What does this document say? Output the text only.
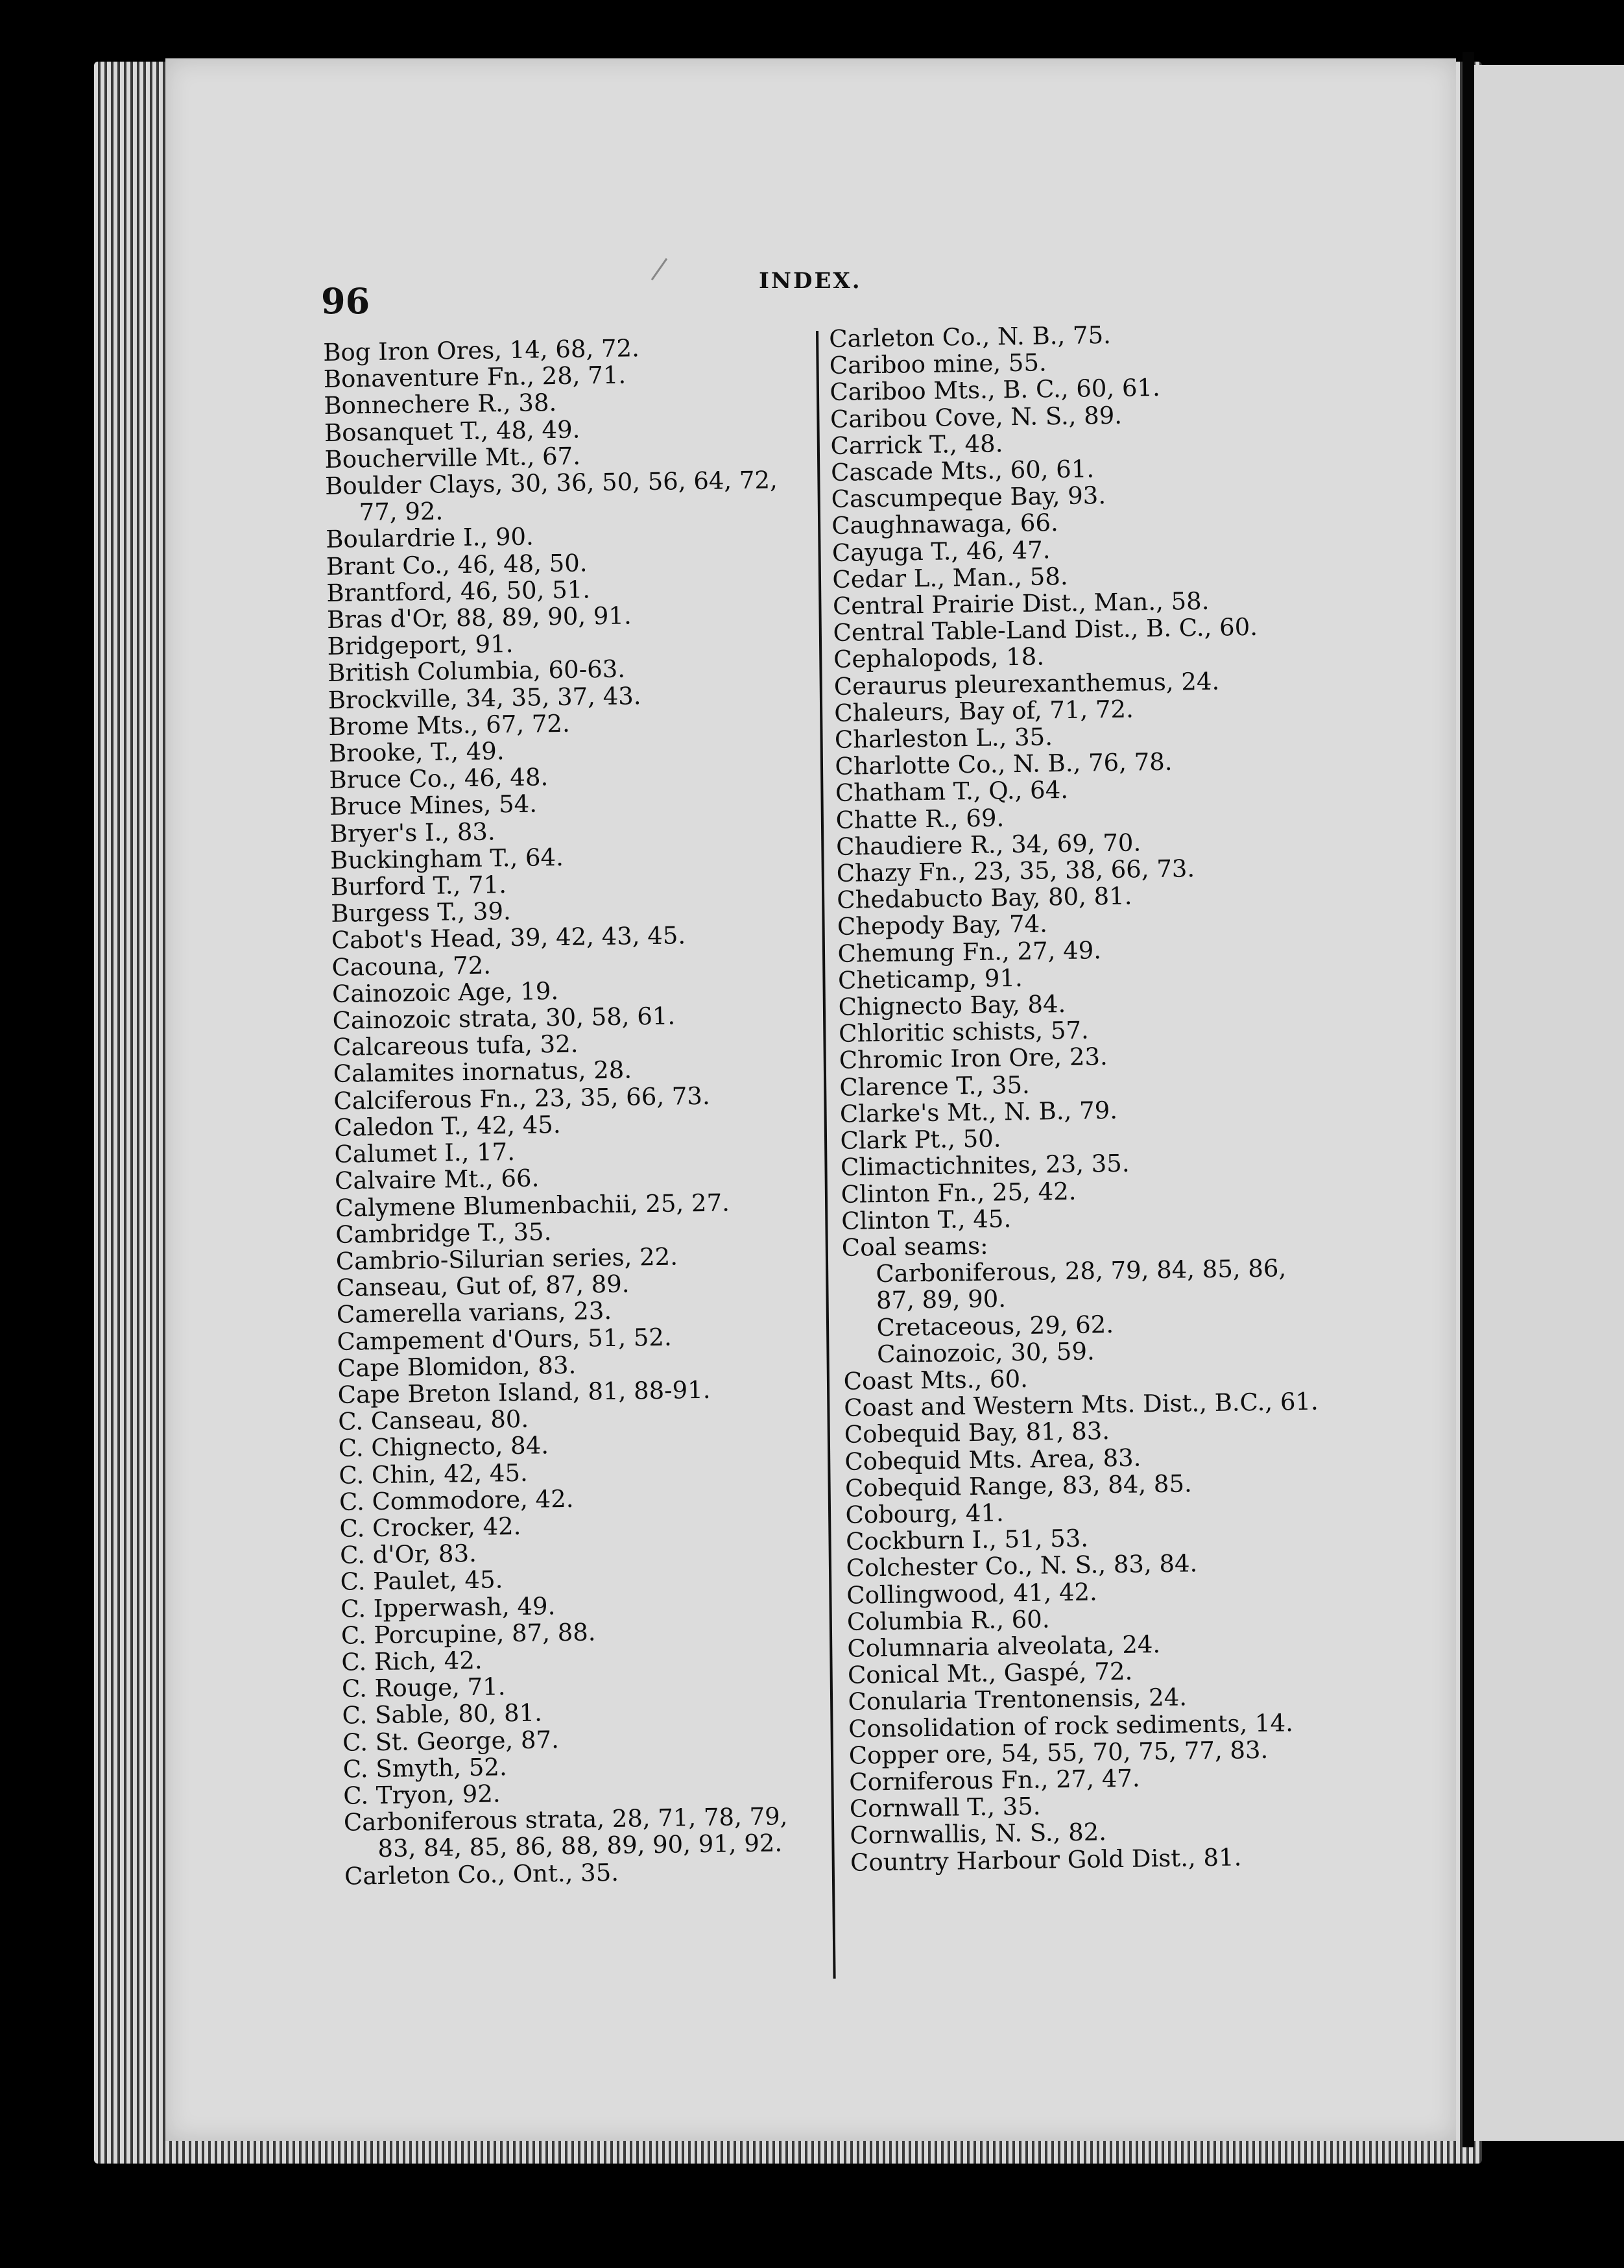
96	INDEX.
Bog Iron Ores, 14, 68, 72.
Bonaventure Fn., 28, 71.
Bonnechere R., 38.
Bosanquet T., 48, 49.
Boucherville Mt., 67.
Boulder Clays, 30, 36, 50, 56, 64, 72,
77, 92.
Boulardrie I., 90.
Brant Co., 46, 48, 50.
Brantford, 46, 50, 51.
Bras d'Or, 88, 89, 90, 91.
Bridgeport, 91.
British Columbia, 60-63.
Brockville, 34, 35, 37, 43.
Brome Mts., 67, 72.
Brooke, T., 49.
Bruce Co., 46, 48.
Bruce Mines, 54.
Bryer's I., 83.
Buckingham T., 64.
Burford T., 71.
Burgess T., 39.
Cabot's Head, 39, 42, 43, 45.
Cacouna, 72.
Cainozoic Age, 19.
Cainozoic strata, 30, 58, 61.
Calcareous tufa, 32.
Calamites inornatus, 28.
Calciferous Fn., 23, 35, 66, 73.
Caledon T., 42, 45.
Calumet I., 17.
Calvaire Mt., 66.
Calymene Blumenbachii, 25, 27.
Cambridge T., 35.
Cambrio-Silurian series, 22.
Canseau, Gut of, 87, 89.
Camerella varians, 23.
Campement d'Ours, 51, 52.
Cape Blomidon, 83.
Cape Breton Island, 81, 88-91.
C. Canseau, 80.
C. Chignecto, 84.
C. Chin, 42, 45.
C. Commodore, 42.
C. Crocker, 42.
C. d'Or, 83.
C. Paulet, 45.
C. Ipperwash, 49.
C. Porcupine, 87, 88.
C. Rich, 42.
C. Rouge, 71.
C. Sable, 80, 81.
C. St. George, 87.
C. Smyth, 52.
C. Tryon, 92.
Carboniferous strata, 28, 71, 78, 79,
83, 84, 85, 86, 88, 89, 90, 91, 92.
Carleton Co., Ont., 35.
Carleton Co., N. B., 75.
Cariboo mine, 55.
Cariboo Mts., B. C., 60, 61.
Caribou Cove, N. S., 89.
Carrick T., 48.
Cascade Mts., 60, 61.
Cascumpeque Bay, 93.
Caughnawaga, 66.
Cayuga T., 46, 47.
Cedar L., Man., 58.
Central Prairie Dist., Man., 58.
Central Table-Land Dist., B. C., 60.
Cephalopods, 18.
Ceraurus pleurexanthemus, 24.
Chaleurs, Bay of, 71, 72.
Charleston L., 35.
Charlotte Co., N. B., 76, 78.
Chatham T., Q., 64.
Chatte R., 69.
Chaudiere R., 34, 69, 70.
Chazy Fn., 23, 35, 38, 66, 73.
Chedabucto Bay, 80, 81.
Chepody Bay, 74.
Chemung Fn., 27, 49.
Cheticamp, 91.
Chignecto Bay, 84.
Chloritic schists, 57.
Chromic Iron Ore, 23.
Clarence T., 35.
Clarke's Mt., N. B., 79.
Clark Pt., 50.
Climactichnites, 23, 35.
Clinton Fn., 25, 42.
Clinton T., 45.
Coal seams:
Carboniferous, 28, 79, 84, 85, 86,
87, 89, 90.
Cretaceous, 29, 62.
Cainozoic, 30, 59.
Coast Mts., 60.
Coast and Western Mts. Dist., B.C., 61.
Cobequid Bay, 81, 83.
Cobequid Mts. Area, 83.
Cobequid Range, 83, 84, 85.
Cobourg, 41.
Cockburn I., 51, 53.
Colchester Co., N. S., 83, 84.
Collingwood, 41, 42.
Columbia R., 60.
Columnaria alveolata, 24.
Conical Mt., Gaspé, 72.
Conularia Trentonensis, 24.
Consolidation of rock sediments, 14.
Copper ore, 54, 55, 70, 75, 77, 83.
Corniferous Fn., 27, 47.
Cornwall T., 35.
Cornwallis, N. S., 82.
Country Harbour Gold Dist., 81.
